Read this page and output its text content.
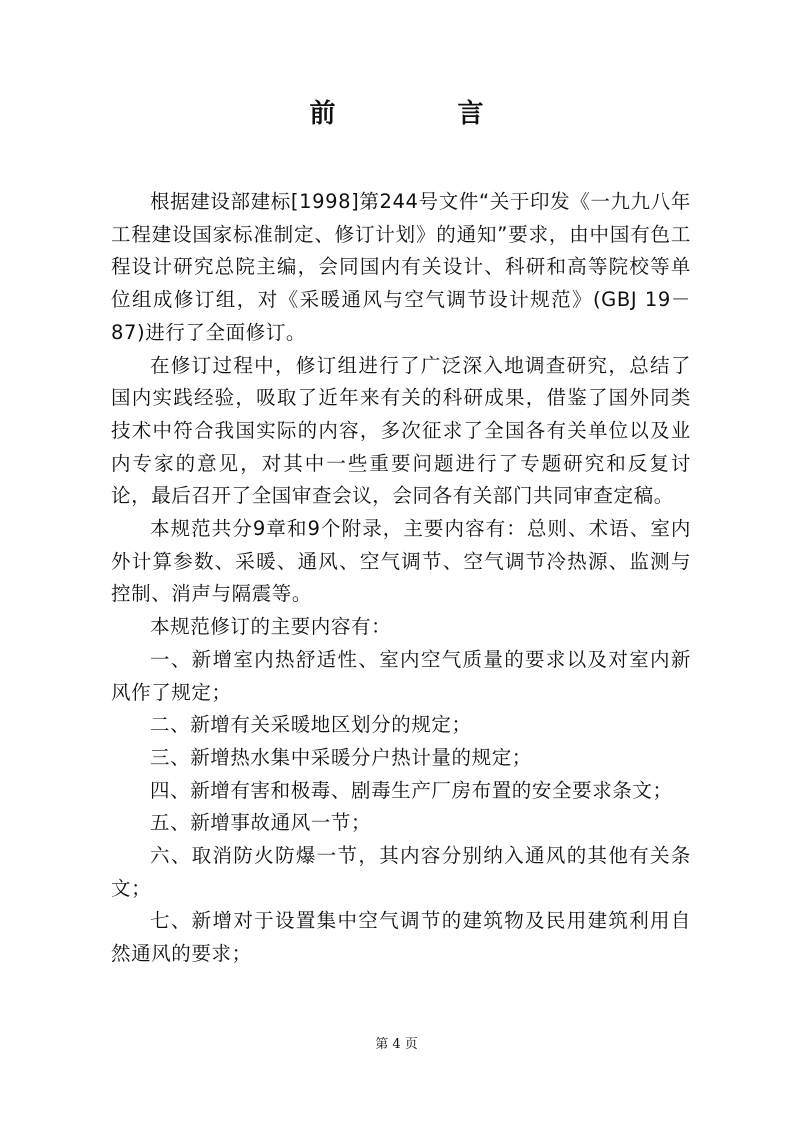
前　言

根据建设部建标[1998]第244号文件“关于印发《一九九八年工程建设国家标准制定、修订计划》的通知”要求，由中国有色工程设计研究总院主编，会同国内有关设计、科研和高等院校等单位组成修订组，对《采暖通风与空气调节设计规范》(GBJ 19－87)进行了全面修订。

在修订过程中，修订组进行了广泛深入地调查研究，总结了国内实践经验，吸取了近年来有关的科研成果，借鉴了国外同类技术中符合我国实际的内容，多次征求了全国各有关单位以及业内专家的意见，对其中一些重要问题进行了专题研究和反复讨论，最后召开了全国审查会议，会同各有关部门共同审查定稿。

本规范共分9章和9个附录，主要内容有：总则、术语、室内外计算参数、采暖、通风、空气调节、空气调节冷热源、监测与控制、消声与隔震等。

本规范修订的主要内容有：

一、新增室内热舒适性、室内空气质量的要求以及对室内新风作了规定；

二、新增有关采暖地区划分的规定；

三、新增热水集中采暖分户热计量的规定；

四、新增有害和极毒、剧毒生产厂房布置的安全要求条文；

五、新增事故通风一节；

六、取消防火防爆一节，其内容分别纳入通风的其他有关条文；

七、新增对于设置集中空气调节的建筑物及民用建筑利用自然通风的要求；

第 4 页
